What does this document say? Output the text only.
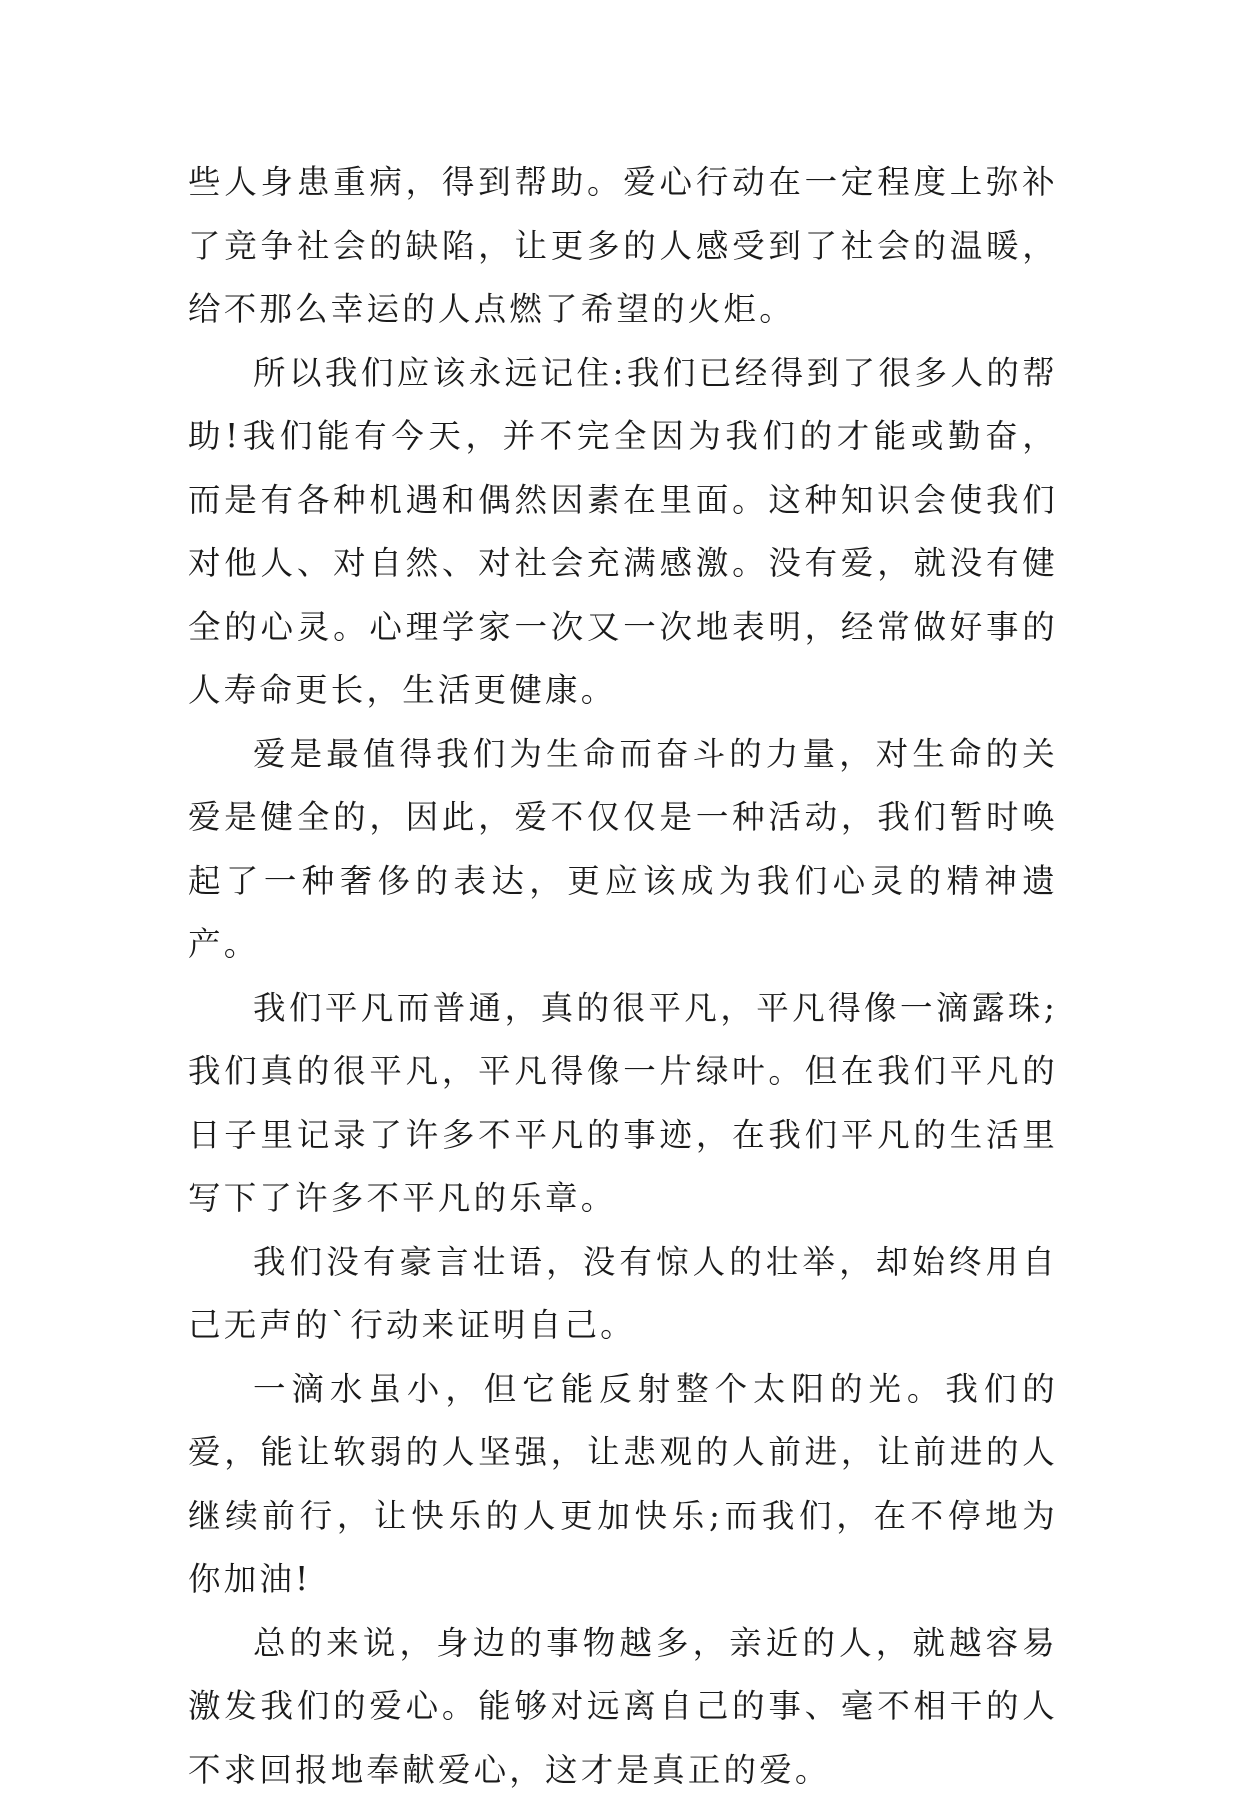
些人身患重病，得到帮助。爱心行动在一定程度上弥补了竞争社会的缺陷，让更多的人感受到了社会的温暖，给不那么幸运的人点燃了希望的火炬。

所以我们应该永远记住:我们已经得到了很多人的帮助!我们能有今天，并不完全因为我们的才能或勤奋，而是有各种机遇和偶然因素在里面。这种知识会使我们对他人、对自然、对社会充满感激。没有爱，就没有健全的心灵。心理学家一次又一次地表明，经常做好事的人寿命更长，生活更健康。

爱是最值得我们为生命而奋斗的力量，对生命的关爱是健全的，因此，爱不仅仅是一种活动，我们暂时唤起了一种奢侈的表达，更应该成为我们心灵的精神遗产。

我们平凡而普通，真的很平凡，平凡得像一滴露珠;我们真的很平凡，平凡得像一片绿叶。但在我们平凡的日子里记录了许多不平凡的事迹，在我们平凡的生活里写下了许多不平凡的乐章。

我们没有豪言壮语，没有惊人的壮举，却始终用自己无声的`行动来证明自己。

一滴水虽小，但它能反射整个太阳的光。我们的爱，能让软弱的人坚强，让悲观的人前进，让前进的人继续前行，让快乐的人更加快乐;而我们，在不停地为你加油!

总的来说，身边的事物越多，亲近的人，就越容易激发我们的爱心。能够对远离自己的事、毫不相干的人不求回报地奉献爱心，这才是真正的爱。
